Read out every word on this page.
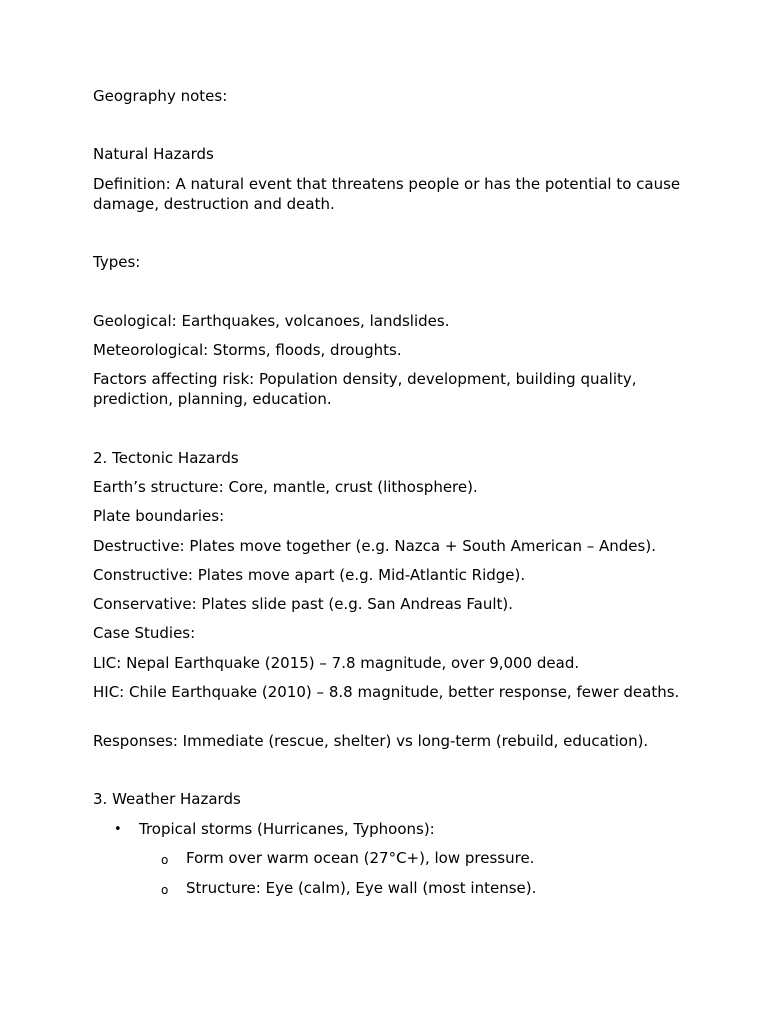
Geography notes:

Natural Hazards

Definition: A natural event that threatens people or has the potential to cause damage, destruction and death.

Types:

Geological: Earthquakes, volcanoes, landslides.

Meteorological: Storms, floods, droughts.

Factors affecting risk: Population density, development, building quality, prediction, planning, education.

2. Tectonic Hazards

Earth’s structure: Core, mantle, crust (lithosphere).

Plate boundaries:

Destructive: Plates move together (e.g. Nazca + South American – Andes).

Constructive: Plates move apart (e.g. Mid-Atlantic Ridge).

Conservative: Plates slide past (e.g. San Andreas Fault).

Case Studies:

LIC: Nepal Earthquake (2015) – 7.8 magnitude, over 9,000 dead.

HIC: Chile Earthquake (2010) – 8.8 magnitude, better response, fewer deaths.

Responses: Immediate (rescue, shelter) vs long-term (rebuild, education).

3. Weather Hazards

• Tropical storms (Hurricanes, Typhoons):

o Form over warm ocean (27°C+), low pressure.

o Structure: Eye (calm), Eye wall (most intense).
